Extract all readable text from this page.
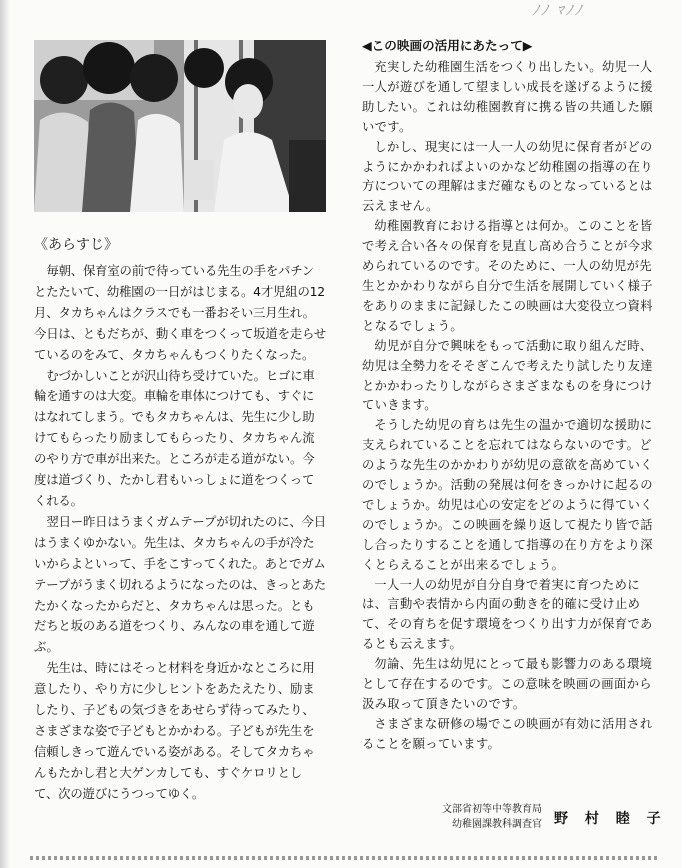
ﾉﾉ ﾏﾉﾉ
《あらすじ》

毎朝、保育室の前で待っている先生の手をパチンとたたいて、幼稚園の一日がはじまる。4才児組の12月、タカちゃんはクラスでも一番おそい三月生れ。今日は、ともだちが、動く車をつくって坂道を走らせているのをみて、タカちゃんもつくりたくなった。

むづかしいことが沢山待ち受けていた。ヒゴに車輪を通すのは大変。車輪を車体につけても、すぐにはなれてしまう。でもタカちゃんは、先生に少し助けてもらったり励ましてもらったり、タカちゃん流のやり方で車が出来た。ところが走る道がない。今度は道づくり、たかし君もいっしょに道をつくってくれる。

翌日ー昨日はうまくガムテープが切れたのに、今日はうまくゆかない。先生は、タカちゃんの手が冷たいからよといって、手をこすってくれた。あとでガムテープがうまく切れるようになったのは、きっとあたたかくなったからだと、タカちゃんは思った。ともだちと坂のある道をつくり、みんなの車を通して遊ぶ。

先生は、時にはそっと材料を身近かなところに用意したり、やり方に少しヒントをあたえたり、励ましたり、子どもの気づきをあせらず待ってみたり、さまざまな姿で子どもとかかわる。子どもが先生を信頼しきって遊んでいる姿がある。そしてタカちゃんもたかし君と大ゲンカしても、すぐケロリとして、次の遊びにうつってゆく。

◀この映画の活用にあたって▶

充実した幼稚園生活をつくり出したい。幼児一人一人が遊びを通して望ましい成長を遂げるように援助したい。これは幼稚園教育に携る皆の共通した願いです。

しかし、現実には一人一人の幼児に保育者がどのようにかかわればよいのかなど幼稚園の指導の在り方についての理解はまだ確なものとなっているとは云えません。

幼稚園教育における指導とは何か。このことを皆で考え合い各々の保育を見直し高め合うことが今求められているのです。そのために、一人の幼児が先生とかかわりながら自分で生活を展開していく様子をありのままに記録したこの映画は大変役立つ資料となるでしょう。

幼児が自分で興味をもって活動に取り組んだ時、幼児は全勢力をそそぎこんで考えたり試したり友達とかかわったりしながらさまざまなものを身につけていきます。

そうした幼児の育ちは先生の温かで適切な援助に支えられていることを忘れてはならないのです。どのような先生のかかわりが幼児の意欲を高めていくのでしょうか。活動の発展は何をきっかけに起るのでしょうか。幼児は心の安定をどのように得ていくのでしょうか。この映画を繰り返して視たり皆で話し合ったりすることを通して指導の在り方をより深くとらえることが出来るでしょう。

一人一人の幼児が自分自身で着実に育つためには、言動や表情から内面の動きを的確に受け止めて、その育ちを促す環境をつくり出す力が保育であるとも云えます。

勿論、先生は幼児にとって最も影響力のある環境として存在するのです。この意味を映画の画面から汲み取って頂きたいのです。

さまざまな研修の場でこの映画が有効に活用されることを願っています。

文部省初等中等教育局
幼稚園課教科調査官 野 村 睦 子
